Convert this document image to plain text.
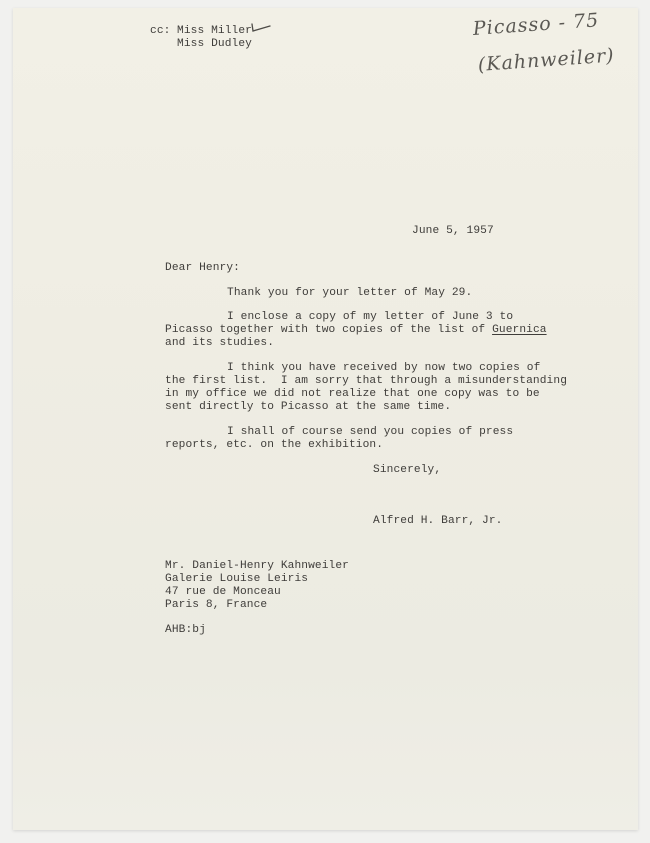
cc: Miss Miller
Miss Dudley
Picasso - 75
(Kahnweiler)
June 5, 1957
Dear Henry:
Thank you for your letter of May 29.
I enclose a copy of my letter of June 3 to
Picasso together with two copies of the list of Guernica
and its studies.
I think you have received by now two copies of
the first list.  I am sorry that through a misunderstanding
in my office we did not realize that one copy was to be
sent directly to Picasso at the same time.
I shall of course send you copies of press
reports, etc. on the exhibition.
Sincerely,
Alfred H. Barr, Jr.
Mr. Daniel-Henry Kahnweiler
Galerie Louise Leiris
47 rue de Monceau
Paris 8, France
AHB:bj
